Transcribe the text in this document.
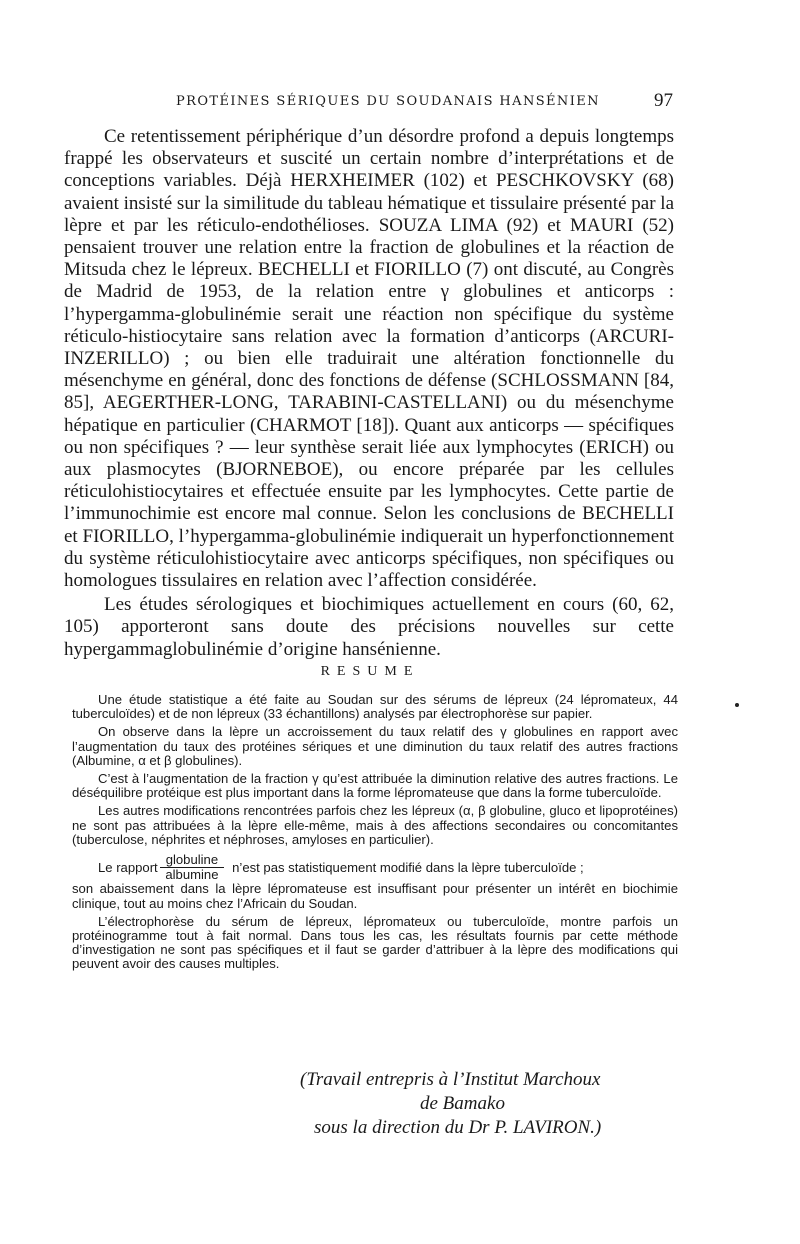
PROTÉINES SÉRIQUES DU SOUDANAIS HANSÉNIEN	97

Ce retentissement périphérique d’un désordre profond a depuis longtemps frappé les observateurs et suscité un certain nombre d’interprétations et de conceptions variables. Déjà HERXHEIMER (102) et PESCHKOVSKY (68) avaient insisté sur la similitude du tableau hématique et tissulaire présenté par la lèpre et par les réticulo-endothélioses. SOUZA LIMA (92) et MAURI (52) pensaient trouver une relation entre la fraction de globulines et la réaction de Mitsuda chez le lépreux. BECHELLI et FIORILLO (7) ont discuté, au Congrès de Madrid de 1953, de la relation entre γ globulines et anticorps : l’hypergamma-globulinémie serait une réaction non spécifique du système réticulo-histiocytaire sans relation avec la formation d’anticorps (ARCURI-INZERILLO) ; ou bien elle traduirait une altération fonctionnelle du mésenchyme en général, donc des fonctions de défense (SCHLOSSMANN [84, 85], AEGERTHER-LONG, TARABINI-CASTELLANI) ou du mésenchyme hépatique en particulier (CHARMOT [18]). Quant aux anticorps — spécifiques ou non spécifiques ? — leur synthèse serait liée aux lymphocytes (ERICH) ou aux plasmocytes (BJORNEBOE), ou encore préparée par les cellules réticulohistiocytaires et effectuée ensuite par les lymphocytes. Cette partie de l’immunochimie est encore mal connue. Selon les conclusions de BECHELLI et FIORILLO, l’hypergamma-globulinémie indiquerait un hyperfonctionnement du système réticulohistiocytaire avec anticorps spécifiques, non spécifiques ou homologues tissulaires en relation avec l’affection considérée.

Les études sérologiques et biochimiques actuellement en cours (60, 62, 105) apporteront sans doute des précisions nouvelles sur cette hypergammaglobulinémie d’origine hansénienne.

RESUME

Une étude statistique a été faite au Soudan sur des sérums de lépreux (24 lépromateux, 44 tuberculoïdes) et de non lépreux (33 échantillons) analysés par électrophorèse sur papier.

On observe dans la lèpre un accroissement du taux relatif des γ globulines en rapport avec l’augmentation du taux des protéines sériques et une diminution du taux relatif des autres fractions (Albumine, α et β globulines).

C’est à l’augmentation de la fraction γ qu’est attribuée la diminution relative des autres fractions. Le déséquilibre protéique est plus important dans la forme lépromateuse que dans la forme tuberculoïde.

Les autres modifications rencontrées parfois chez les lépreux (α, β globuline, gluco et lipoprotéines) ne sont pas attribuées à la lèpre elle-même, mais à des affections secondaires ou concomitantes (tuberculose, néphrites et néphroses, amyloses en particulier).

Le rapport $\frac{\text{globuline}}{\text{albumine}}$ n’est pas statistiquement modifié dans la lèpre tuberculoïde ;

son abaissement dans la lèpre lépromateuse est insuffisant pour présenter un intérêt en biochimie clinique, tout au moins chez l’Africain du Soudan.

L’électrophorèse du sérum de lépreux, lépromateux ou tuberculoïde, montre parfois un protéinogramme tout à fait normal. Dans tous les cas, les résultats fournis par cette méthode d’investigation ne sont pas spécifiques et il faut se garder d’attribuer à la lèpre des modifications qui peuvent avoir des causes multiples.

(Travail entrepris à l’Institut Marchoux
de Bamako
sous la direction du Dr P. LAVIRON.)
